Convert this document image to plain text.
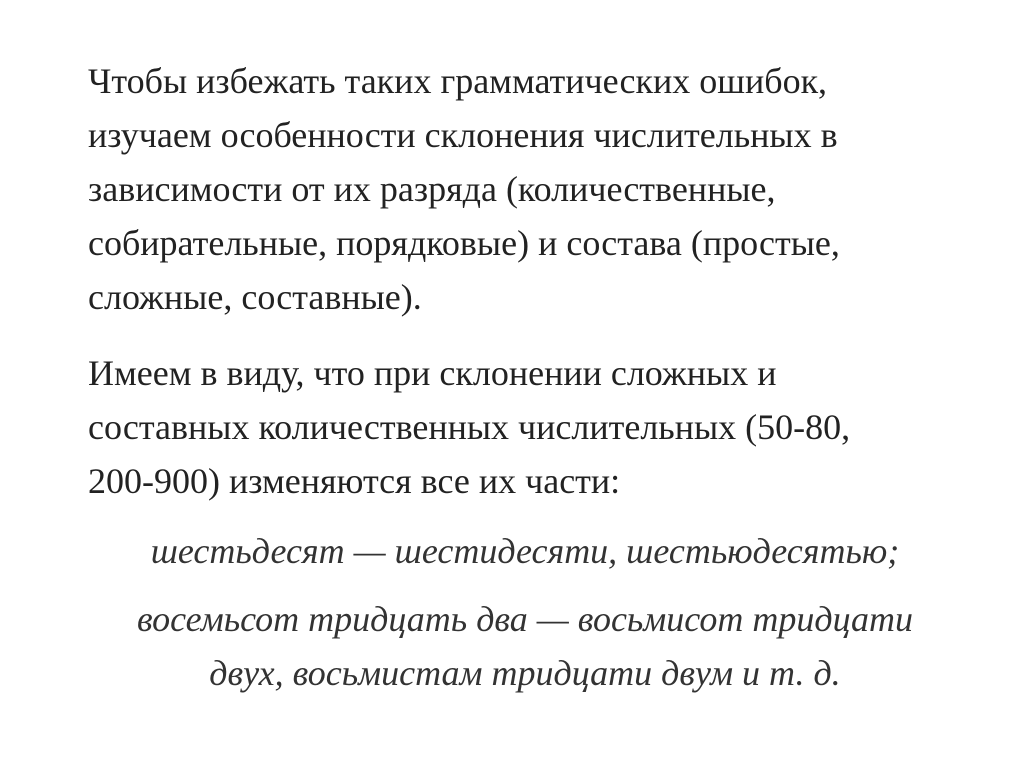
Чтобы избежать таких грамматических ошибок,
изучаем особенности склонения числительных в
зависимости от их разряда (количественные,
собирательные, порядковые) и состава (простые,
сложные, составные).

Имеем в виду, что при склонении сложных и
составных количественных числительных (50-80,
200-900) изменяются все их части:

шестьдесят — шестидесяти, шестьюдесятью;

восемьсот тридцать два — восьмисот тридцати
двух, восьмистам тридцати двум и т. д.
